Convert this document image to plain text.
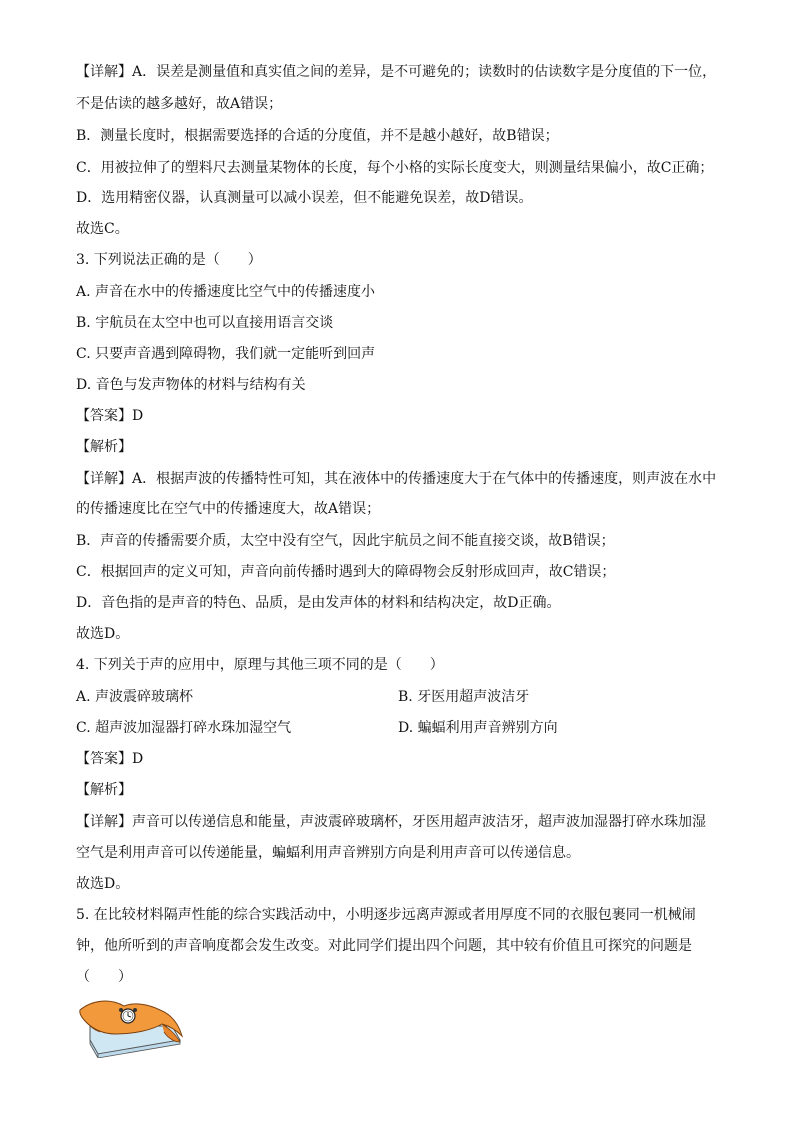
【详解】A．误差是测量值和真实值之间的差异，是不可避免的；读数时的估读数字是分度值的下一位，
不是估读的越多越好，故A错误；
B．测量长度时，根据需要选择的合适的分度值，并不是越小越好，故B错误；
C．用被拉伸了的塑料尺去测量某物体的长度，每个小格的实际长度变大，则测量结果偏小，故C正确；
D．选用精密仪器，认真测量可以减小误差，但不能避免误差，故D错误。
故选C。
3. 下列说法正确的是（　　）
A. 声音在水中的传播速度比空气中的传播速度小
B. 宇航员在太空中也可以直接用语言交谈
C. 只要声音遇到障碍物，我们就一定能听到回声
D. 音色与发声物体的材料与结构有关
【答案】D
【解析】
【详解】A．根据声波的传播特性可知，其在液体中的传播速度大于在气体中的传播速度，则声波在水中
的传播速度比在空气中的传播速度大，故A错误；
B．声音的传播需要介质，太空中没有空气，因此宇航员之间不能直接交谈，故B错误；
C．根据回声的定义可知，声音向前传播时遇到大的障碍物会反射形成回声，故C错误；
D．音色指的是声音的特色、品质，是由发声体的材料和结构决定，故D正确。
故选D。
4. 下列关于声的应用中，原理与其他三项不同的是（　　）
A. 声波震碎玻璃杯	B. 牙医用超声波洁牙
C. 超声波加湿器打碎水珠加湿空气	D. 蝙蝠利用声音辨别方向
【答案】D
【解析】
【详解】声音可以传递信息和能量，声波震碎玻璃杯，牙医用超声波洁牙，超声波加湿器打碎水珠加湿
空气是利用声音可以传递能量，蝙蝠利用声音辨别方向是利用声音可以传递信息。
故选D。
5. 在比较材料隔声性能的综合实践活动中，小明逐步远离声源或者用厚度不同的衣服包裹同一机械闹
钟，他所听到的声音响度都会发生改变。对此同学们提出四个问题，其中较有价值且可探究的问题是
（　　）
